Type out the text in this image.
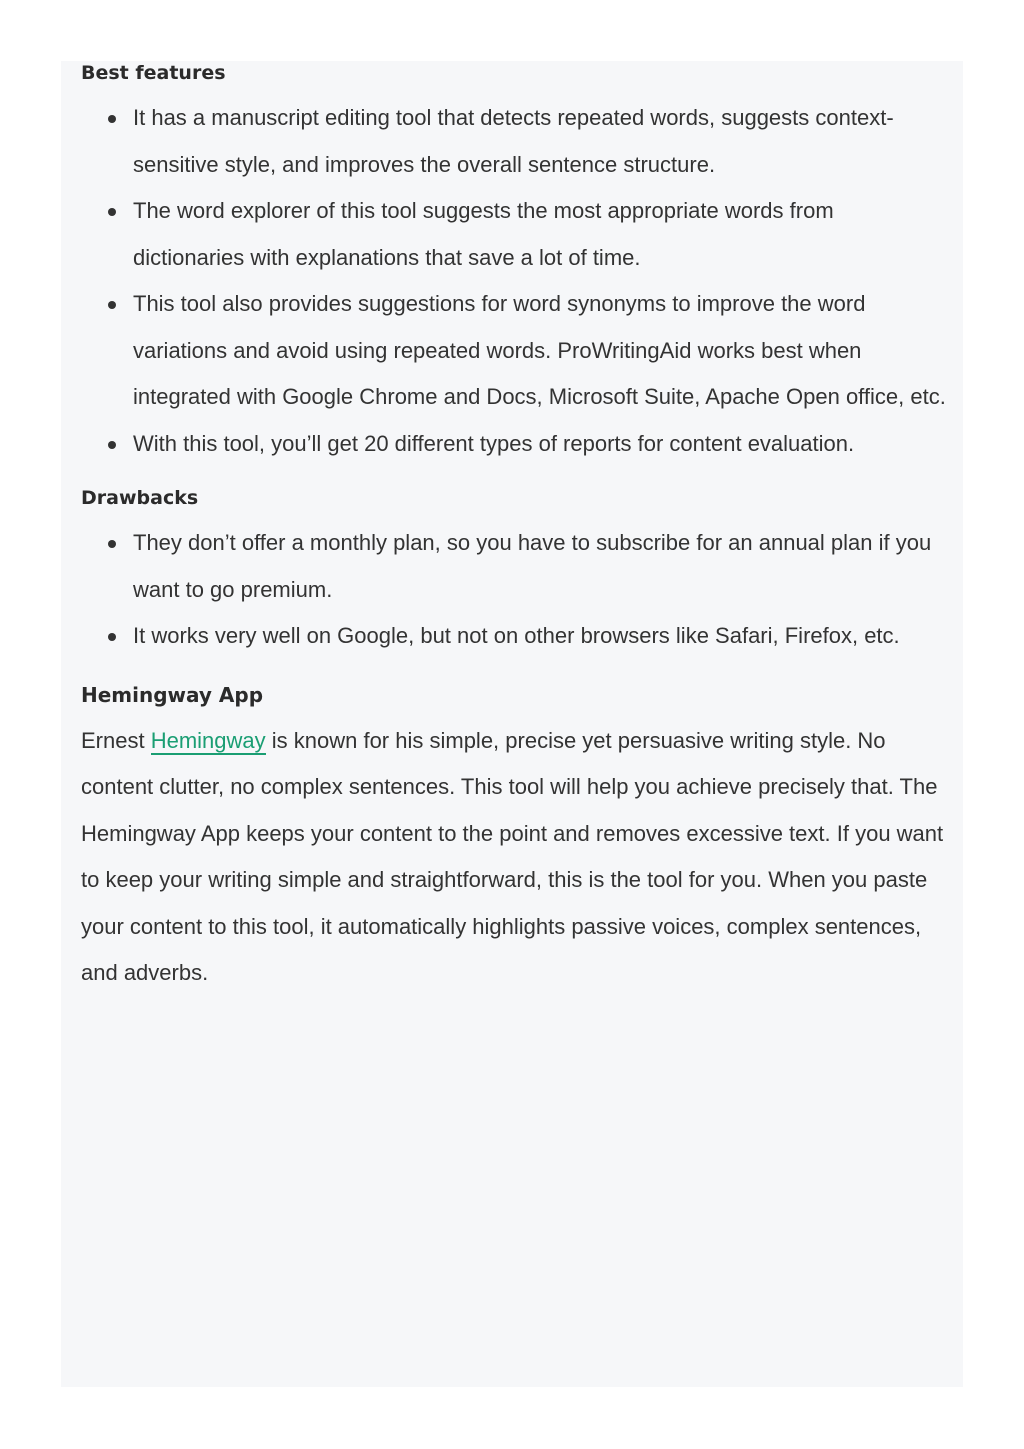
Best features
It has a manuscript editing tool that detects repeated words, suggests context-sensitive style, and improves the overall sentence structure.
The word explorer of this tool suggests the most appropriate words from dictionaries with explanations that save a lot of time.
This tool also provides suggestions for word synonyms to improve the word variations and avoid using repeated words. ProWritingAid works best when integrated with Google Chrome and Docs, Microsoft Suite, Apache Open office, etc.
With this tool, you’ll get 20 different types of reports for content evaluation.
Drawbacks
They don’t offer a monthly plan, so you have to subscribe for an annual plan if you want to go premium.
It works very well on Google, but not on other browsers like Safari, Firefox, etc.
Hemingway App

Ernest Hemingway is known for his simple, precise yet persuasive writing style. No content clutter, no complex sentences. This tool will help you achieve precisely that. The Hemingway App keeps your content to the point and removes excessive text. If you want to keep your writing simple and straightforward, this is the tool for you. When you paste your content to this tool, it automatically highlights passive voices, complex sentences, and adverbs.
